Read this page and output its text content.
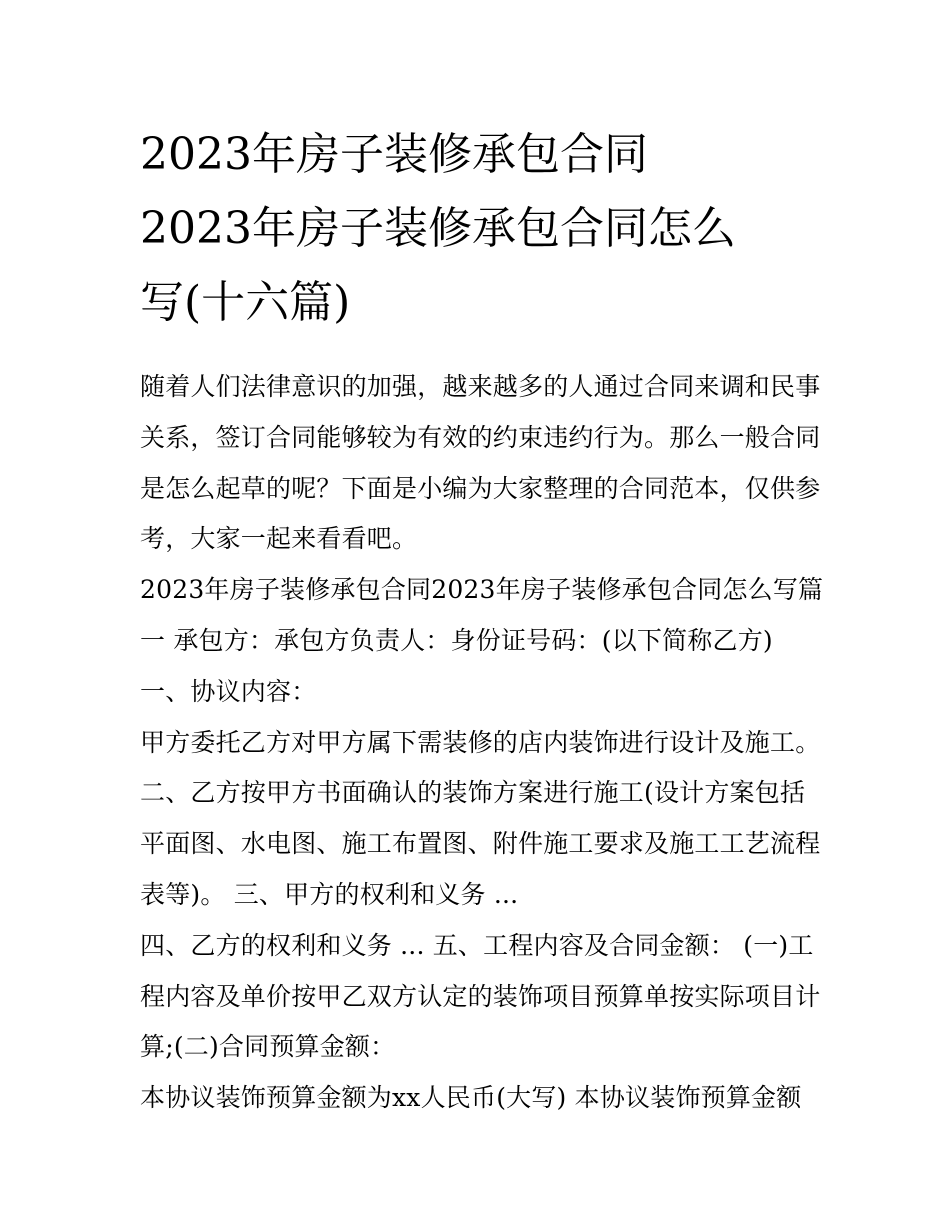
2023年房子装修承包合同
2023年房子装修承包合同怎么
写(十六篇)

随着人们法律意识的加强，越来越多的人通过合同来调和民事关系，签订合同能够较为有效的约束违约行为。那么一般合同是怎么起草的呢？下面是小编为大家整理的合同范本，仅供参考，大家一起来看看吧。

2023年房子装修承包合同2023年房子装修承包合同怎么写篇一 承包方：承包方负责人：身份证号码：(以下简称乙方)

一、协议内容：

甲方委托乙方对甲方属下需装修的店内装饰进行设计及施工。

二、乙方按甲方书面确认的装饰方案进行施工(设计方案包括平面图、水电图、施工布置图、附件施工要求及施工工艺流程表等)。 三、甲方的权利和义务 ...

四、乙方的权利和义务 ... 五、工程内容及合同金额： (一)工程内容及单价按甲乙双方认定的装饰项目预算单按实际项目计算;(二)合同预算金额：

本协议装饰预算金额为xx人民币(大写) 本协议装饰预算金额
